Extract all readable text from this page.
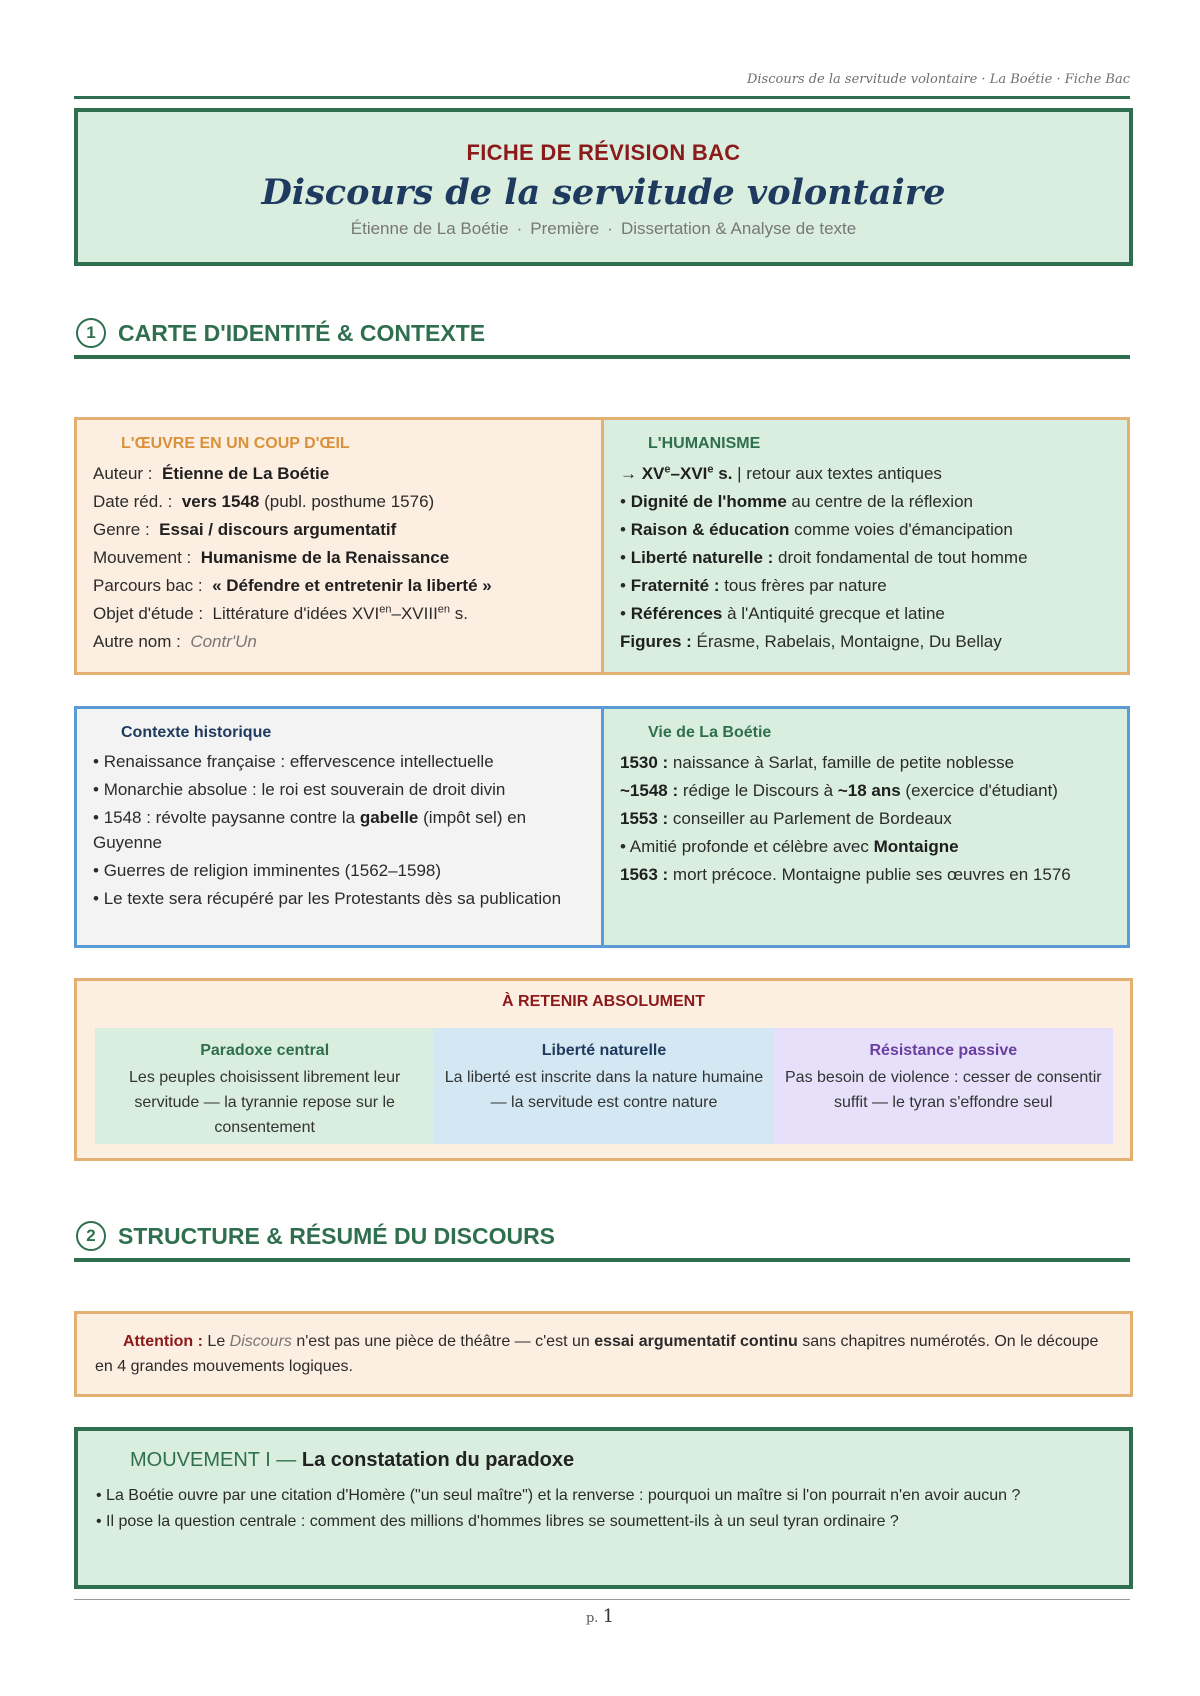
Discours de la servitude volontaire · La Boétie · Fiche Bac
FICHE DE RÉVISION BAC
Discours de la servitude volontaire
Étienne de La Boétie · Première · Dissertation & Analyse de texte
1 CARTE D'IDENTITÉ & CONTEXTE
L'ŒUVRE EN UN COUP D'ŒIL

Auteur : Étienne de La Boétie

Date réd. : vers 1548 (publ. posthume 1576)

Genre : Essai / discours argumentatif

Mouvement : Humanisme de la Renaissance

Parcours bac : « Défendre et entretenir la liberté »

Objet d'étude : Littérature d'idées $XVI^{en}-XVIII^{en}$ s.

Autre nom : Contr'Un

L'HUMANISME

→ $XV^e-XVI^e$ s. | retour aux textes antiques

• Dignité de l'homme au centre de la réflexion

• Raison & éducation comme voies d'émancipation

• Liberté naturelle : droit fondamental de tout homme

• Fraternité : tous frères par nature

• Références à l'Antiquité grecque et latine

Figures : Érasme, Rabelais, Montaigne, Du Bellay

Contexte historique

• Renaissance française : effervescence intellectuelle

• Monarchie absolue : le roi est souverain de droit divin

• 1548 : révolte paysanne contre la gabelle (impôt sel) en Guyenne

• Guerres de religion imminentes (1562–1598)

• Le texte sera récupéré par les Protestants dès sa publication

Vie de La Boétie

1530 : naissance à Sarlat, famille de petite noblesse

~1548 : rédige le Discours à ~18 ans (exercice d'étudiant)

1553 : conseiller au Parlement de Bordeaux

• Amitié profonde et célèbre avec Montaigne

1563 : mort précoce. Montaigne publie ses œuvres en 1576

À RETENIR ABSOLUMENT
Paradoxe central
Les peuples choisissent librement leur servitude — la tyrannie repose sur le consentement
Liberté naturelle
La liberté est inscrite dans la nature humaine — la servitude est contre nature
Résistance passive
Pas besoin de violence : cesser de consentir suffit — le tyran s'effondre seul
2 STRUCTURE & RÉSUMÉ DU DISCOURS
Attention : Le Discours n'est pas une pièce de théâtre — c'est un essai argumentatif continu sans chapitres numérotés. On le découpe en 4 grandes mouvements logiques.
MOUVEMENT I — La constatation du paradoxe

• La Boétie ouvre par une citation d'Homère ("un seul maître") et la renverse : pourquoi un maître si l'on pourrait n'en avoir aucun ?

• Il pose la question centrale : comment des millions d'hommes libres se soumettent-ils à un seul tyran ordinaire ?

p. 1
